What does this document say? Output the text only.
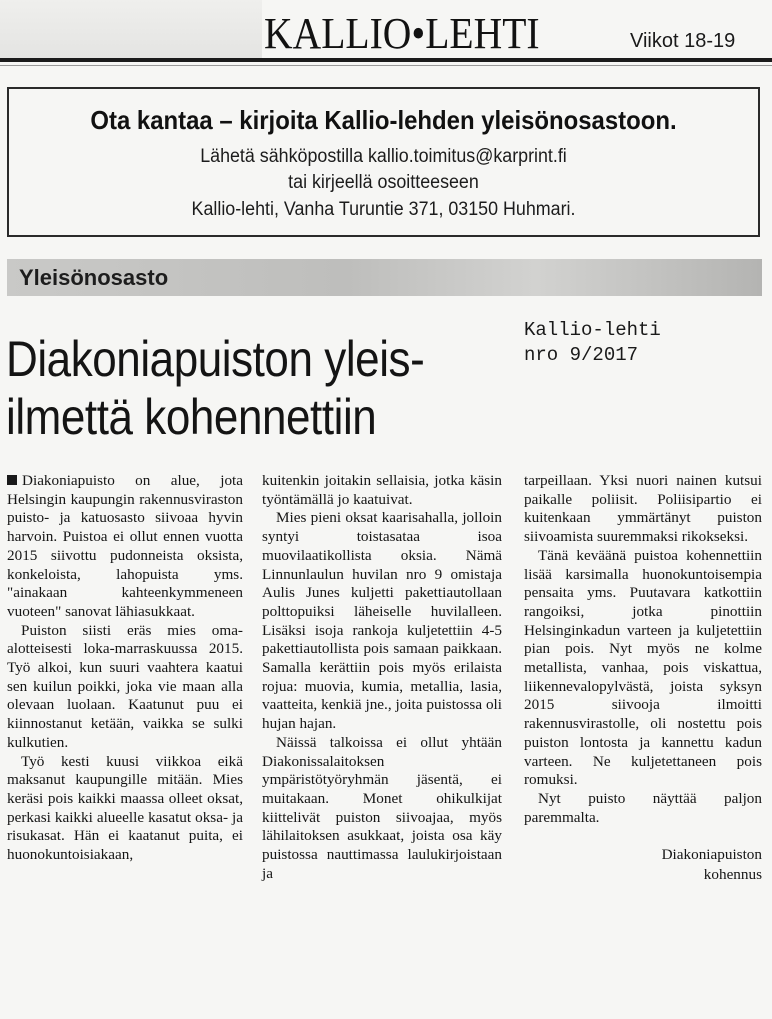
KALLIO•LEHTI	Viikot 18-19
Ota kantaa – kirjoita Kallio-lehden yleisönosastoon.
Lähetä sähköpostilla kallio.toimitus@karprint.fi
tai kirjeellä osoitteeseen
Kallio-lehti, Vanha Turuntie 371, 03150 Huhmari.
Yleisönosasto
Diakoniapuiston yleis-
ilmettä kohennettiin
Kallio-lehti
nro 9/2017

Diakoniapuisto on alue, jota Helsingin kaupungin rakennusviraston puisto- ja katuosasto siivoaa hyvin harvoin. Puistoa ei ollut ennen vuotta 2015 siivottu pudonneista oksista, konkeloista, lahopuista yms. "ainakaan kahteenkymmeneen vuoteen" sanovat lähiasukkaat.

Puiston siisti eräs mies oma-alotteisesti loka-marraskuussa 2015. Työ alkoi, kun suuri vaahtera kaatui sen kuilun poikki, joka vie maan alla olevaan luolaan. Kaatunut puu ei kiinnostanut ketään, vaikka se sulki kulkutien.

Työ kesti kuusi viikkoa eikä maksanut kaupungille mitään. Mies keräsi pois kaikki maassa olleet oksat, perkasi kaikki alueelle kasatut oksa- ja risukasat. Hän ei kaatanut puita, ei huonokuntoisiakaan,

kuitenkin joitakin sellaisia, jotka käsin työntämällä jo kaatuivat.

Mies pieni oksat kaarisahalla, jolloin syntyi toistasataa isoa muovilaatikollista oksia. Nämä Linnunlaulun huvilan nro 9 omistaja Aulis Junes kuljetti pakettiautollaan polttopuiksi läheiselle huvilalleen. Lisäksi isoja rankoja kuljetettiin 4-5 pakettiautollista pois samaan paikkaan. Samalla kerättiin pois myös erilaista rojua: muovia, kumia, metallia, lasia, vaatteita, kenkiä jne., joita puistossa oli hujan hajan.

Näissä talkoissa ei ollut yhtään Diakonissalaitoksen ympäristötyöryhmän jäsentä, ei muitakaan. Monet ohikulkijat kiittelivät puiston siivoajaa, myös lähilaitoksen asukkaat, joista osa käy puistossa nauttimassa laulukirjoistaan ja

tarpeillaan. Yksi nuori nainen kutsui paikalle poliisit. Poliisipartio ei kuitenkaan ymmärtänyt puiston siivoamista suuremmaksi rikokseksi.

Tänä keväänä puistoa kohennettiin lisää karsimalla huonokuntoisempia pensaita yms. Puutavara katkottiin rangoiksi, jotka pinottiin Helsinginkadun varteen ja kuljetettiin pian pois. Nyt myös ne kolme metallista, vanhaa, pois viskattua, liikennevalopylvästä, joista syksyn 2015 siivooja ilmoitti rakennusvirastolle, oli nostettu pois puiston lontosta ja kannettu kadun varteen. Ne kuljetettaneen pois romuksi.

Nyt puisto näyttää paljon paremmalta.

Diakoniapuiston
kohennus
